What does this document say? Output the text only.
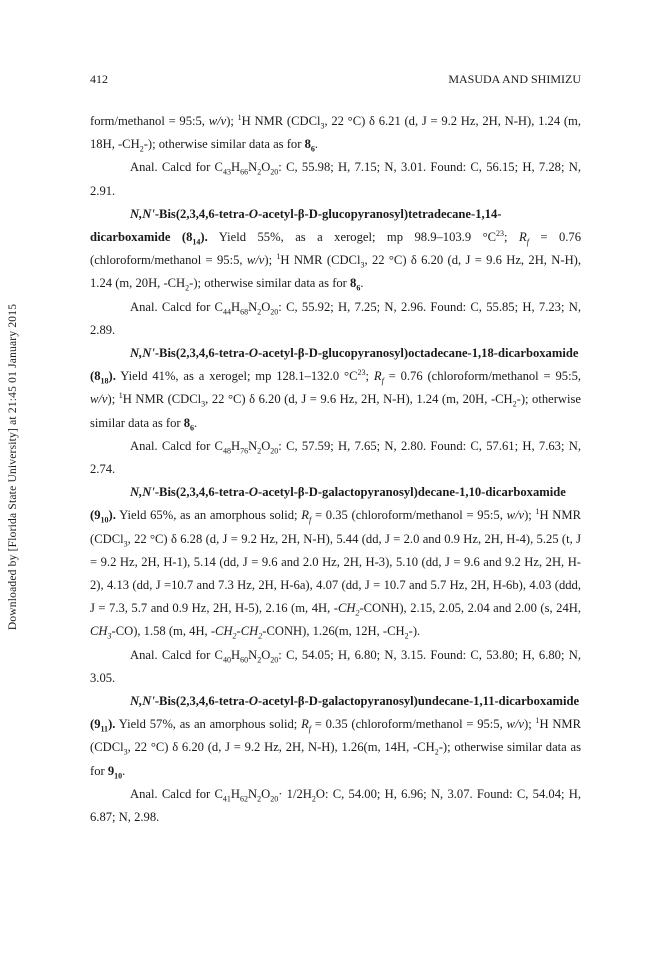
Downloaded by [Florida State University] at 21:45 01 January 2015
412	MASUDA AND SHIMIZU

form/methanol = 95:5, w/v); $^1$H NMR (CDCl$_3$, 22 °C) δ 6.21 (d, J = 9.2 Hz, 2H, N-H), 1.24 (m, 18H, $-CH_2-$); otherwise similar data as for $8_6$.

Anal. Calcd for $C_{43}H_{66}N_2O_{20}$: C, 55.98; H, 7.15; N, 3.01. Found: C, 56.15; H, 7.28; N, 2.91.

N,N'-Bis(2,3,4,6-tetra-O-acetyl-β-D-glucopyranosyl)tetradecane-1,14-dicarboxamide $(8_{14})$. Yield 55%, as a xerogel; mp 98.9–103.9 $^\circ C^{23}$; $R_f = 0.76$ (chloroform/methanol = 95:5, w/v); $^1$H NMR (CDCl$_3$, 22 °C) δ 6.20 (d, J = 9.6 Hz, 2H, N-H), 1.24 (m, 20H, $-CH_2-$); otherwise similar data as for $8_6$.

Anal. Calcd for $C_{44}H_{68}N_2O_{20}$: C, 55.92; H, 7.25; N, 2.96. Found: C, 55.85; H, 7.23; N, 2.89.

N,N'-Bis(2,3,4,6-tetra-O-acetyl-β-D-glucopyranosyl)octadecane-1,18-dicarboxamide $(8_{18})$. Yield 41%, as a xerogel; mp 128.1–132.0 $^\circ C^{23}$; $R_f = 0.76$ (chloroform/methanol = 95:5, w/v); $^1$H NMR (CDCl$_3$, 22 °C) δ 6.20 (d, J = 9.6 Hz, 2H, N-H), 1.24 (m, 20H, $-CH_2-$); otherwise similar data as for $8_6$.

Anal. Calcd for $C_{48}H_{76}N_2O_{20}$: C, 57.59; H, 7.65; N, 2.80. Found: C, 57.61; H, 7.63; N, 2.74.

N,N'-Bis(2,3,4,6-tetra-O-acetyl-β-D-galactopyranosyl)decane-1,10-dicarboxamide $(9_{10})$. Yield 65%, as an amorphous solid; $R_f = 0.35$ (chloroform/methanol = 95:5, w/v); $^1$H NMR (CDCl$_3$, 22 °C) δ 6.28 (d, J = 9.2 Hz, 2H, N-H), 5.44 (dd, J = 2.0 and 0.9 Hz, 2H, H-4), 5.25 (t, J = 9.2 Hz, 2H, H-1), 5.14 (dd, J = 9.6 and 2.0 Hz, 2H, H-3), 5.10 (dd, J = 9.6 and 9.2 Hz, 2H, H-2), 4.13 (dd, J =10.7 and 7.3 Hz, 2H, H-6a), 4.07 (dd, J = 10.7 and 5.7 Hz, 2H, H-6b), 4.03 (ddd, J = 7.3, 5.7 and 0.9 Hz, 2H, H-5), 2.16 (m, 4H, $-CH_2-CONH$), 2.15, 2.05, 2.04 and 2.00 (s, 24H, $CH_3-CO$), 1.58 (m, 4H, $-CH_2-CH_2-CONH$), 1.26(m, 12H, $-CH_2-$).

Anal. Calcd for $C_{40}H_{60}N_2O_{20}$: C, 54.05; H, 6.80; N, 3.15. Found: C, 53.80; H, 6.80; N, 3.05.

N,N'-Bis(2,3,4,6-tetra-O-acetyl-β-D-galactopyranosyl)undecane-1,11-dicarboxamide $(9_{11})$. Yield 57%, as an amorphous solid; $R_f = 0.35$ (chloroform/methanol = 95:5, w/v); $^1$H NMR (CDCl$_3$, 22 °C) δ 6.20 (d, J = 9.2 Hz, 2H, N-H), 1.26(m, 14H, $-CH_2-$); otherwise similar data as for $9_{10}$.

Anal. Calcd for $C_{41}H_{62}N_2O_{20}\cdot 1/2H_2O$: C, 54.00; H, 6.96; N, 3.07. Found: C, 54.04; H, 6.87; N, 2.98.
